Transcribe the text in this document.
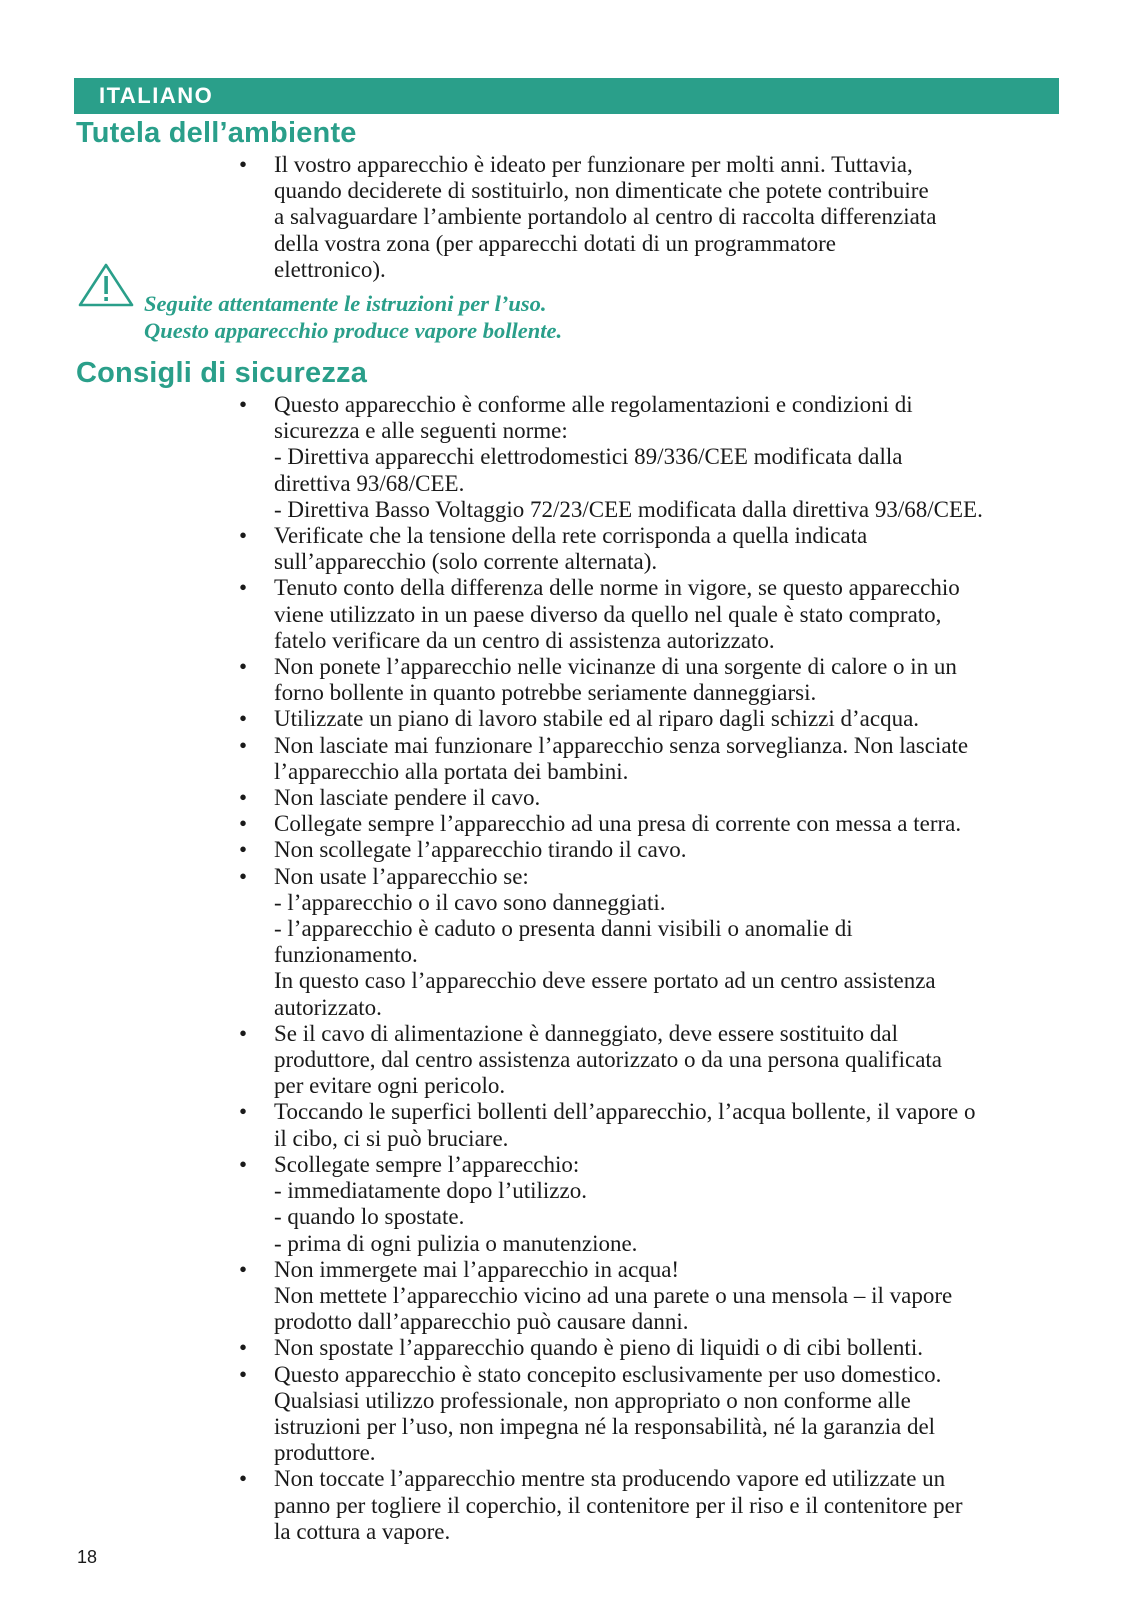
ITALIANO
Tutela dell’ambiente
• Il vostro apparecchio è ideato per funzionare per molti anni. Tuttavia,
quando deciderete di sostituirlo, non dimenticate che potete contribuire
a salvaguardare l’ambiente portandolo al centro di raccolta differenziata
della vostra zona (per apparecchi dotati di un programmatore
elettronico).

Seguite attentamente le istruzioni per l’uso.
Questo apparecchio produce vapore bollente.

Consigli di sicurezza
• Questo apparecchio è conforme alle regolamentazioni e condizioni di
sicurezza e alle seguenti norme:
- Direttiva apparecchi elettrodomestici 89/336/CEE modificata dalla
direttiva 93/68/CEE.
- Direttiva Basso Voltaggio 72/23/CEE modificata dalla direttiva 93/68/CEE.
• Verificate che la tensione della rete corrisponda a quella indicata
sull’apparecchio (solo corrente alternata).
• Tenuto conto della differenza delle norme in vigore, se questo apparecchio
viene utilizzato in un paese diverso da quello nel quale è stato comprato,
fatelo verificare da un centro di assistenza autorizzato.
• Non ponete l’apparecchio nelle vicinanze di una sorgente di calore o in un
forno bollente in quanto potrebbe seriamente danneggiarsi.
• Utilizzate un piano di lavoro stabile ed al riparo dagli schizzi d’acqua.
• Non lasciate mai funzionare l’apparecchio senza sorveglianza. Non lasciate
l’apparecchio alla portata dei bambini.
• Non lasciate pendere il cavo.
• Collegate sempre l’apparecchio ad una presa di corrente con messa a terra.
• Non scollegate l’apparecchio tirando il cavo.
• Non usate l’apparecchio se:
- l’apparecchio o il cavo sono danneggiati.
- l’apparecchio è caduto o presenta danni visibili o anomalie di
funzionamento.
In questo caso l’apparecchio deve essere portato ad un centro assistenza
autorizzato.
• Se il cavo di alimentazione è danneggiato, deve essere sostituito dal
produttore, dal centro assistenza autorizzato o da una persona qualificata
per evitare ogni pericolo.
• Toccando le superfici bollenti dell’apparecchio, l’acqua bollente, il vapore o
il cibo, ci si può bruciare.
• Scollegate sempre l’apparecchio:
- immediatamente dopo l’utilizzo.
- quando lo spostate.
- prima di ogni pulizia o manutenzione.
• Non immergete mai l’apparecchio in acqua!
Non mettete l’apparecchio vicino ad una parete o una mensola – il vapore
prodotto dall’apparecchio può causare danni.
• Non spostate l’apparecchio quando è pieno di liquidi o di cibi bollenti.
• Questo apparecchio è stato concepito esclusivamente per uso domestico.
Qualsiasi utilizzo professionale, non appropriato o non conforme alle
istruzioni per l’uso, non impegna né la responsabilità, né la garanzia del
produttore.
• Non toccate l’apparecchio mentre sta producendo vapore ed utilizzate un
panno per togliere il coperchio, il contenitore per il riso e il contenitore per
la cottura a vapore.
18
